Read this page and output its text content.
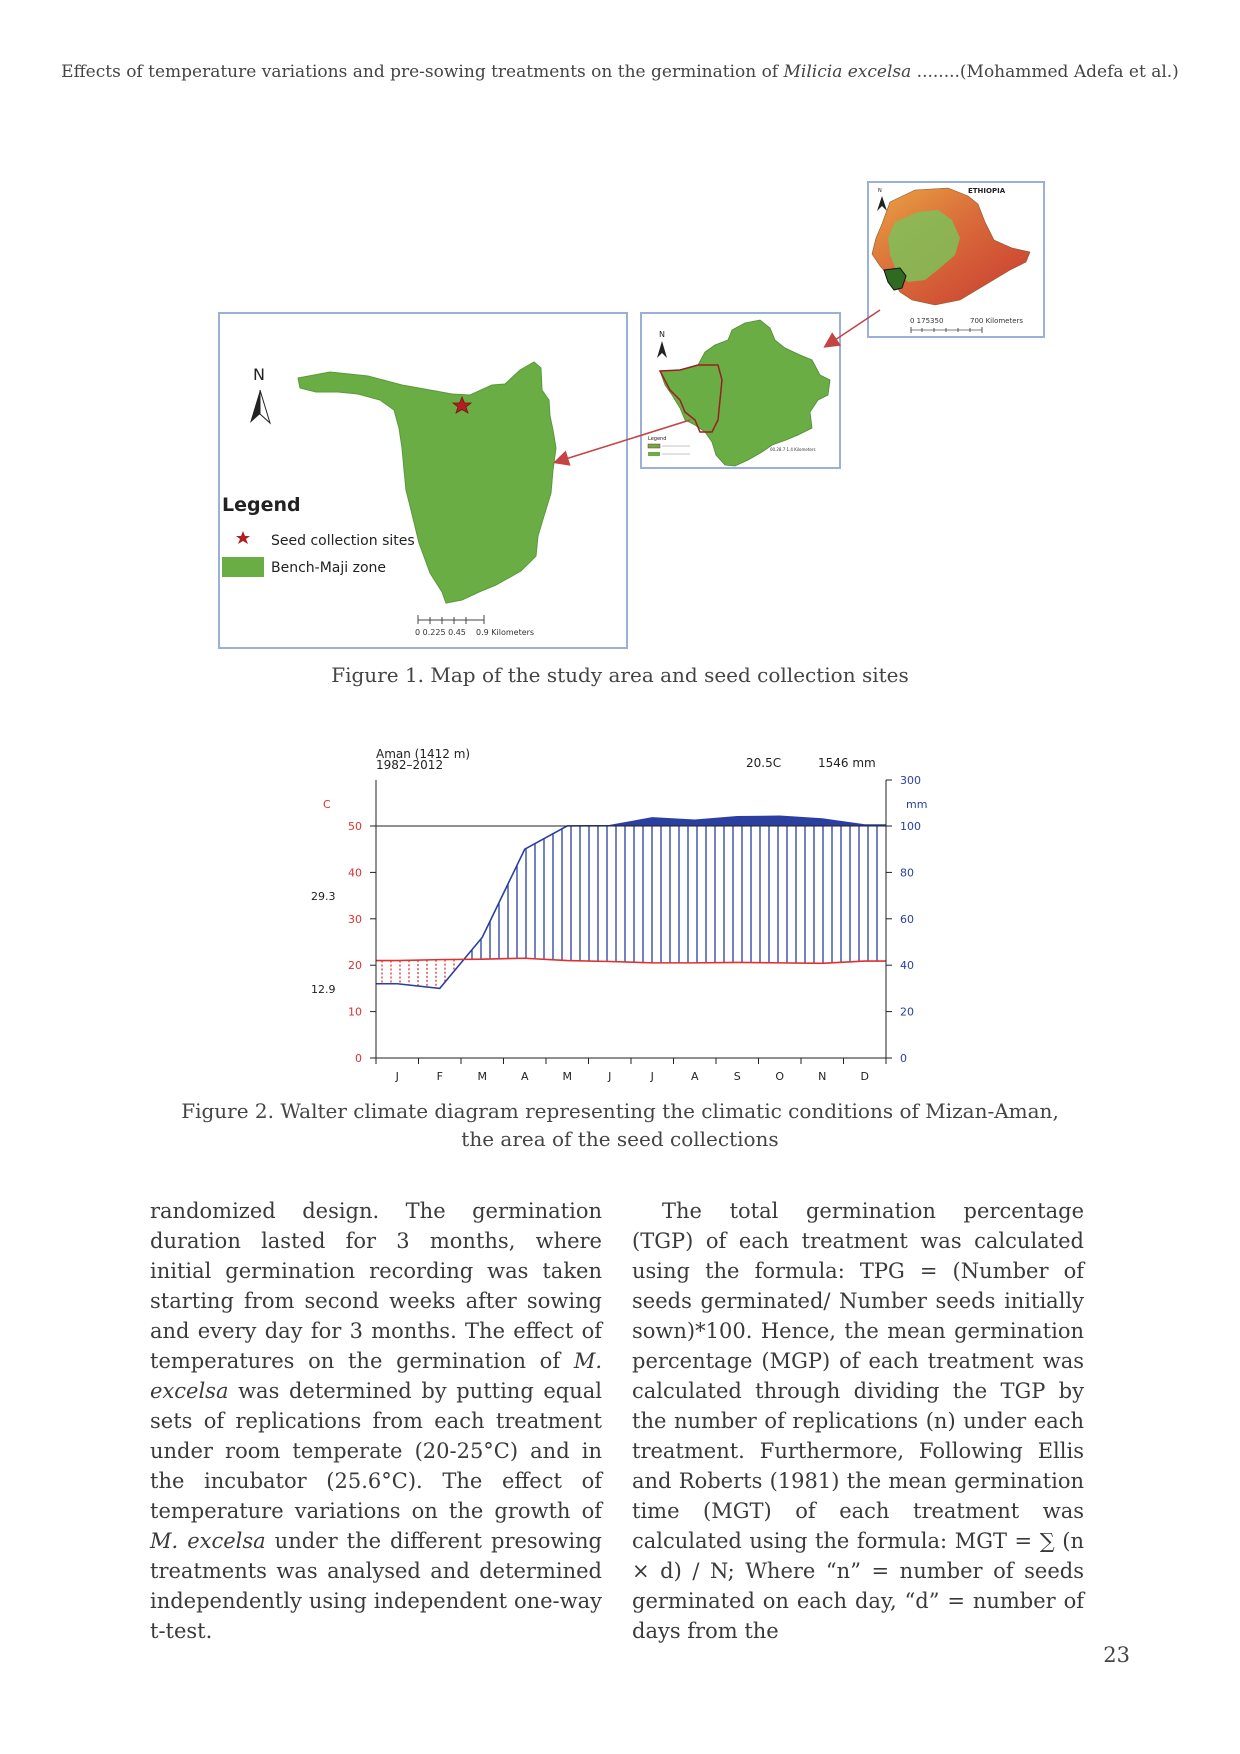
Effects of temperature variations and pre-sowing treatments on the germination of Milicia excelsa ........(Mohammed Adefa et al.)
N
Legend
Seed collection sites
Bench-Maji zone
0 0.225 0.45 0.9 Kilometers
N
Legend
00.28.7 1.4 Kilometers
N	ETHIOPIA
0 175350	700 Kilometers
Figure 1. Map of the study area and seed collection sites
Aman (1412 m)
1982–2012	20.5C	1546 mm
29.3
12.9
C	mm
0
10
20
30
40
50
0
20
40
60
80
100
300
J	F	M	A	M	J	J	A	S	O	N	D
Figure 2. Walter climate diagram representing the climatic conditions of Mizan-Aman,
the area of the seed collections

randomized design. The germination duration lasted for 3 months, where initial germination recording was taken starting from second weeks after sowing and every day for 3 months. The effect of temperatures on the germination of M. excelsa was determined by putting equal sets of replications from each treatment under room temperate (20-25°C) and in the incubator (25.6°C). The effect of temperature variations on the growth of M. excelsa under the different presowing treatments was analysed and determined independently using independent one-way t-test.

The total germination percentage (TGP) of each treatment was calculated using the formula: TPG = (Number of seeds germinated/ Number seeds initially sown)*100. Hence, the mean germination percentage (MGP) of each treatment was calculated through dividing the TGP by the number of replications (n) under each treatment. Furthermore, Following Ellis and Roberts (1981) the mean germination time (MGT) of each treatment was calculated using the formula: MGT = ∑ (n × d) / N; Where “n” = number of seeds germinated on each day, “d” = number of days from the

23
